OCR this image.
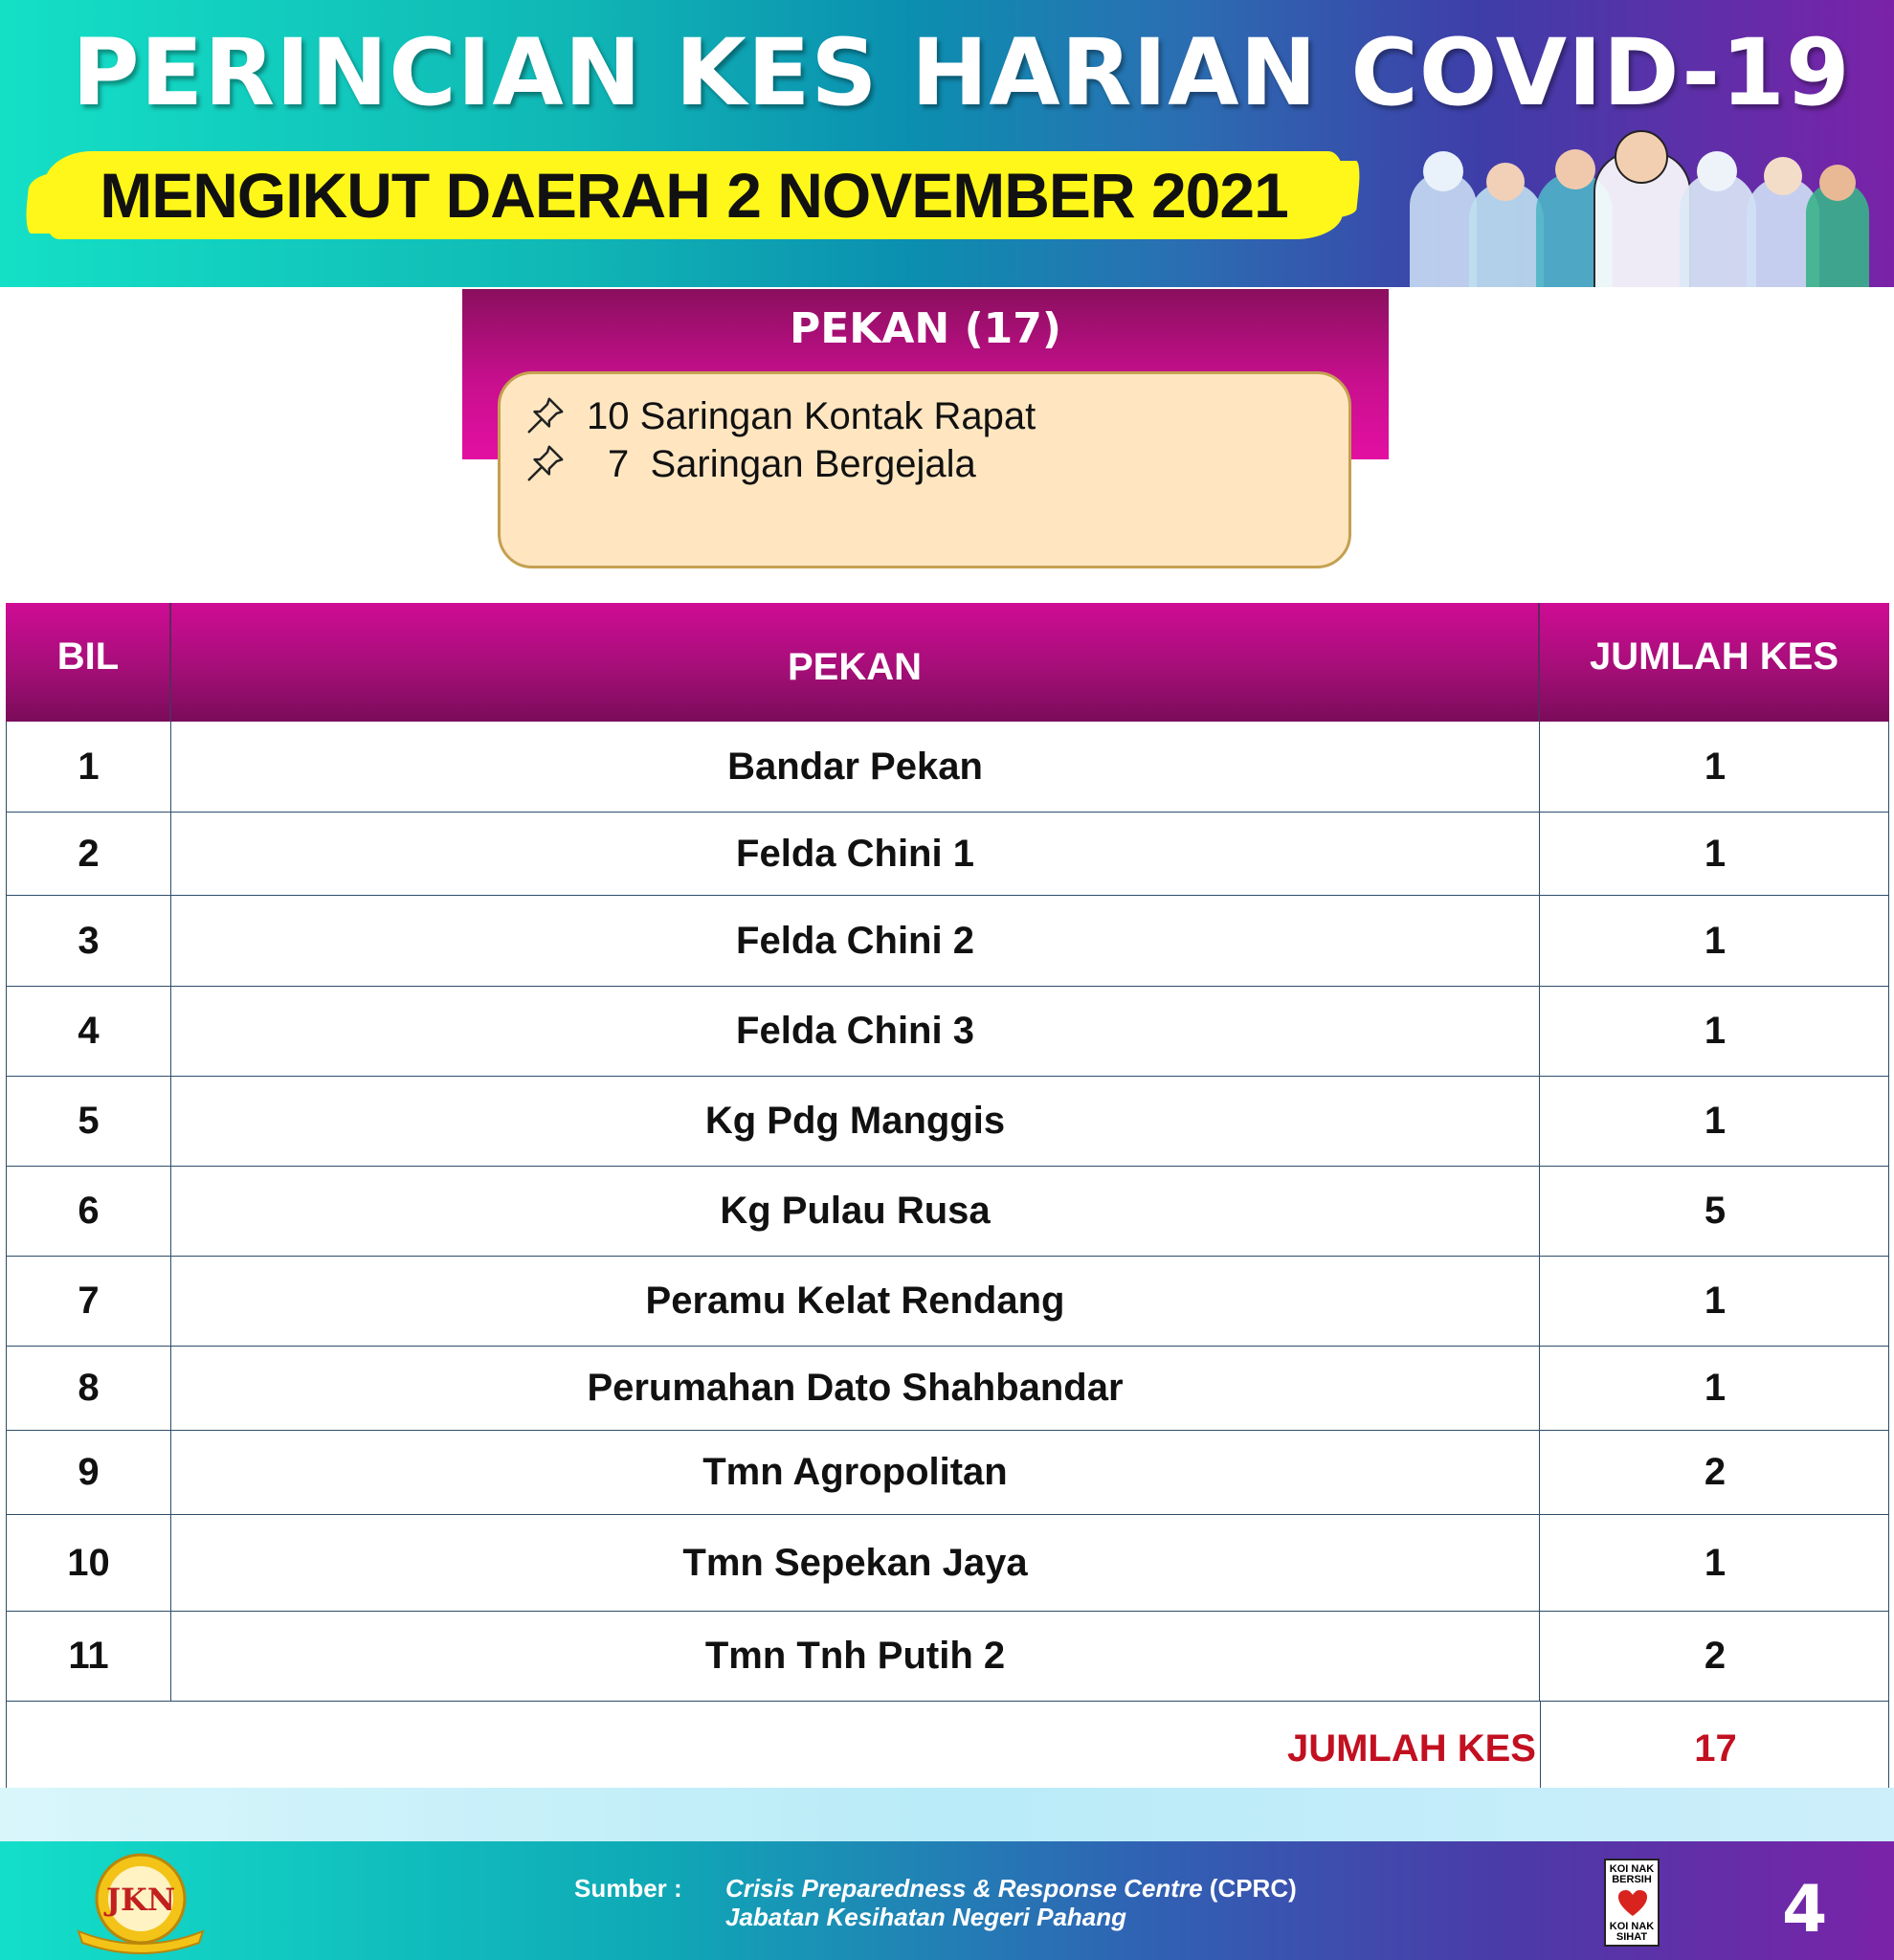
PERINCIAN KES HARIAN COVID-19
MENGIKUT DAERAH 2 NOVEMBER 2021
PEKAN (17)
10 Saringan Kontak Rapat
7 Saringan Bergejala
BIL	PEKAN	JUMLAH KES
1	Bandar Pekan	1
2	Felda Chini 1	1
3	Felda Chini 2	1
4	Felda Chini 3	1
5	Kg Pdg Manggis	1
6	Kg Pulau Rusa	5
7	Peramu Kelat Rendang	1
8	Perumahan Dato Shahbandar	1
9	Tmn Agropolitan	2
10	Tmn Sepekan Jaya	1
11	Tmn Tnh Putih 2	2
JUMLAH KES	17
JKN	Sumber : Crisis Preparedness & Response Centre (CPRC)
Jabatan Kesihatan Negeri Pahang
KOI NAK BERSIH
KOI NAK SIHAT 4
